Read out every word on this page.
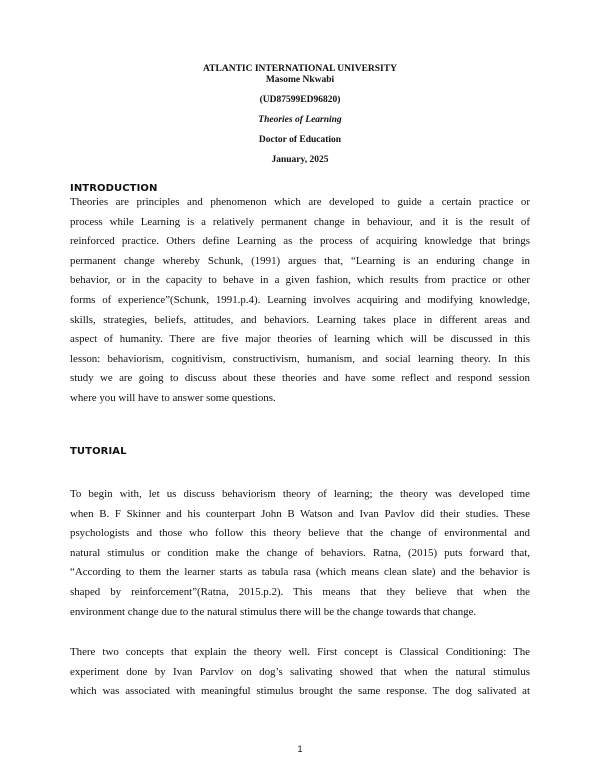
ATLANTIC INTERNATIONAL UNIVERSITY
Masome Nkwabi
(UD87599ED96820)
Theories of Learning
Doctor of Education
January, 2025
INTRODUCTION
Theories are principles and phenomenon which are developed to guide a certain practice or
process while Learning is a relatively permanent change in behaviour, and it is the result of
reinforced practice. Others define Learning as the process of acquiring knowledge that brings
permanent change whereby Schunk, (1991) argues that, “Learning is an enduring change in
behavior, or in the capacity to behave in a given fashion, which results from practice or other
forms of experience”(Schunk, 1991.p.4). Learning involves acquiring and modifying knowledge,
skills, strategies, beliefs, attitudes, and behaviors. Learning takes place in different areas and
aspect of humanity. There are five major theories of learning which will be discussed in this
lesson: behaviorism, cognitivism, constructivism, humanism, and social learning theory. In this
study we are going to discuss about these theories and have some reflect and respond session
where you will have to answer some questions.
TUTORIAL
To begin with, let us discuss behaviorism theory of learning; the theory was developed time
when B. F Skinner and his counterpart John B Watson and Ivan Pavlov did their studies. These
psychologists and those who follow this theory believe that the change of environmental and
natural stimulus or condition make the change of behaviors. Ratna, (2015) puts forward that,
“According to them the learner starts as tabula rasa (which means clean slate) and the behavior is
shaped by reinforcement”(Ratna, 2015.p.2). This means that they believe that when the
environment change due to the natural stimulus there will be the change towards that change.
There two concepts that explain the theory well. First concept is Classical Conditioning: The
experiment done by Ivan Parvlov on dog’s salivating showed that when the natural stimulus
which was associated with meaningful stimulus brought the same response. The dog salivated at
1
